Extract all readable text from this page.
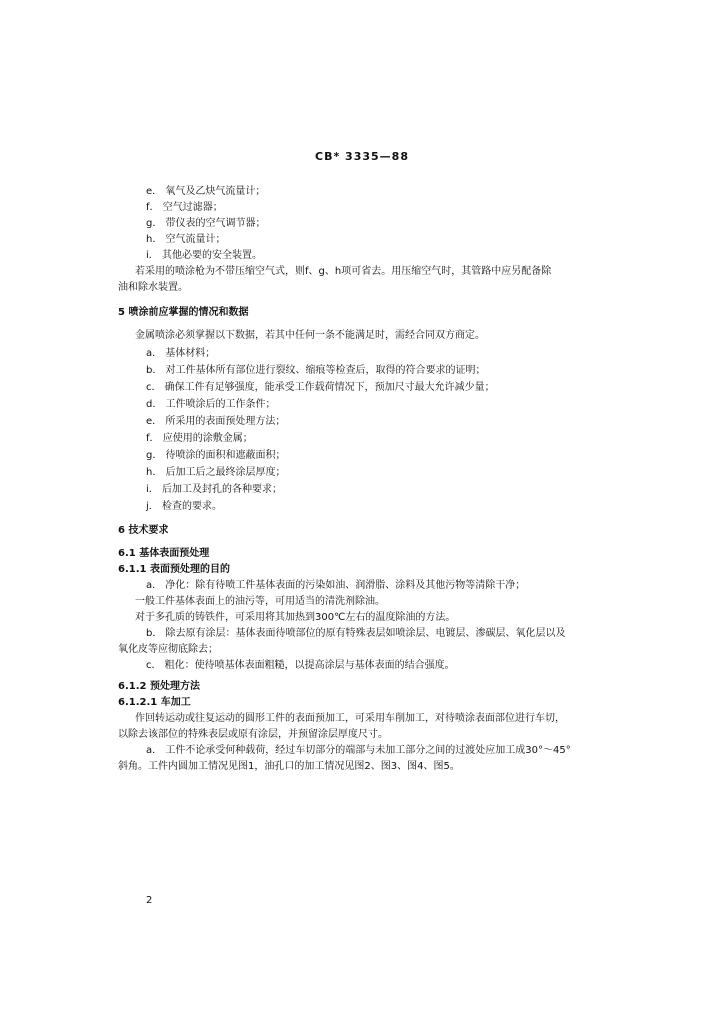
CB* 3335—88
e． 氧气及乙炔气流量计；
f． 空气过滤器；
g． 带仪表的空气调节器；
h． 空气流量计；
i． 其他必要的安全装置。
若采用的喷涂枪为不带压缩空气式，则f、g、h项可省去。用压缩空气时，其管路中应另配备除
油和除水装置。
5 喷涂前应掌握的情况和数据
金属喷涂必须掌握以下数据，若其中任何一条不能满足时，需经合同双方商定。
a． 基体材料；
b． 对工件基体所有部位进行裂纹、缩痕等检查后，取得的符合要求的证明；
c． 确保工件有足够强度，能承受工作载荷情况下，预加尺寸最大允许减少量；
d． 工件喷涂后的工作条件；
e． 所采用的表面预处理方法；
f． 应使用的涂敷金属；
g． 待喷涂的面积和遮蔽面积；
h． 后加工后之最终涂层厚度；
i． 后加工及封孔的各种要求；
j． 检查的要求。
6 技术要求
6.1 基体表面预处理
6.1.1 表面预处理的目的
a． 净化：除有待喷工件基体表面的污染如油、润滑脂、涂料及其他污物等清除干净；
一般工件基体表面上的油污等，可用适当的清洗剂除油。
对于多孔质的铸铁件，可采用将其加热到300℃左右的温度除油的方法。
b． 除去原有涂层：基体表面待喷部位的原有特殊表层如喷涂层、电镀层、渗碳层、氧化层以及
氧化皮等应彻底除去；
c． 粗化：使待喷基体表面粗糙，以提高涂层与基体表面的结合强度。
6.1.2 预处理方法
6.1.2.1 车加工
作回转运动或往复运动的圆形工件的表面预加工，可采用车削加工，对待喷涂表面部位进行车切，
以除去该部位的特殊表层或原有涂层，并预留涂层厚度尺寸。
a． 工件不论承受何种载荷，经过车切部分的端部与未加工部分之间的过渡处应加工成30°～45°
斜角。工件内圆加工情况见图1，油孔口的加工情况见图2、图3、图4、图5。
2
